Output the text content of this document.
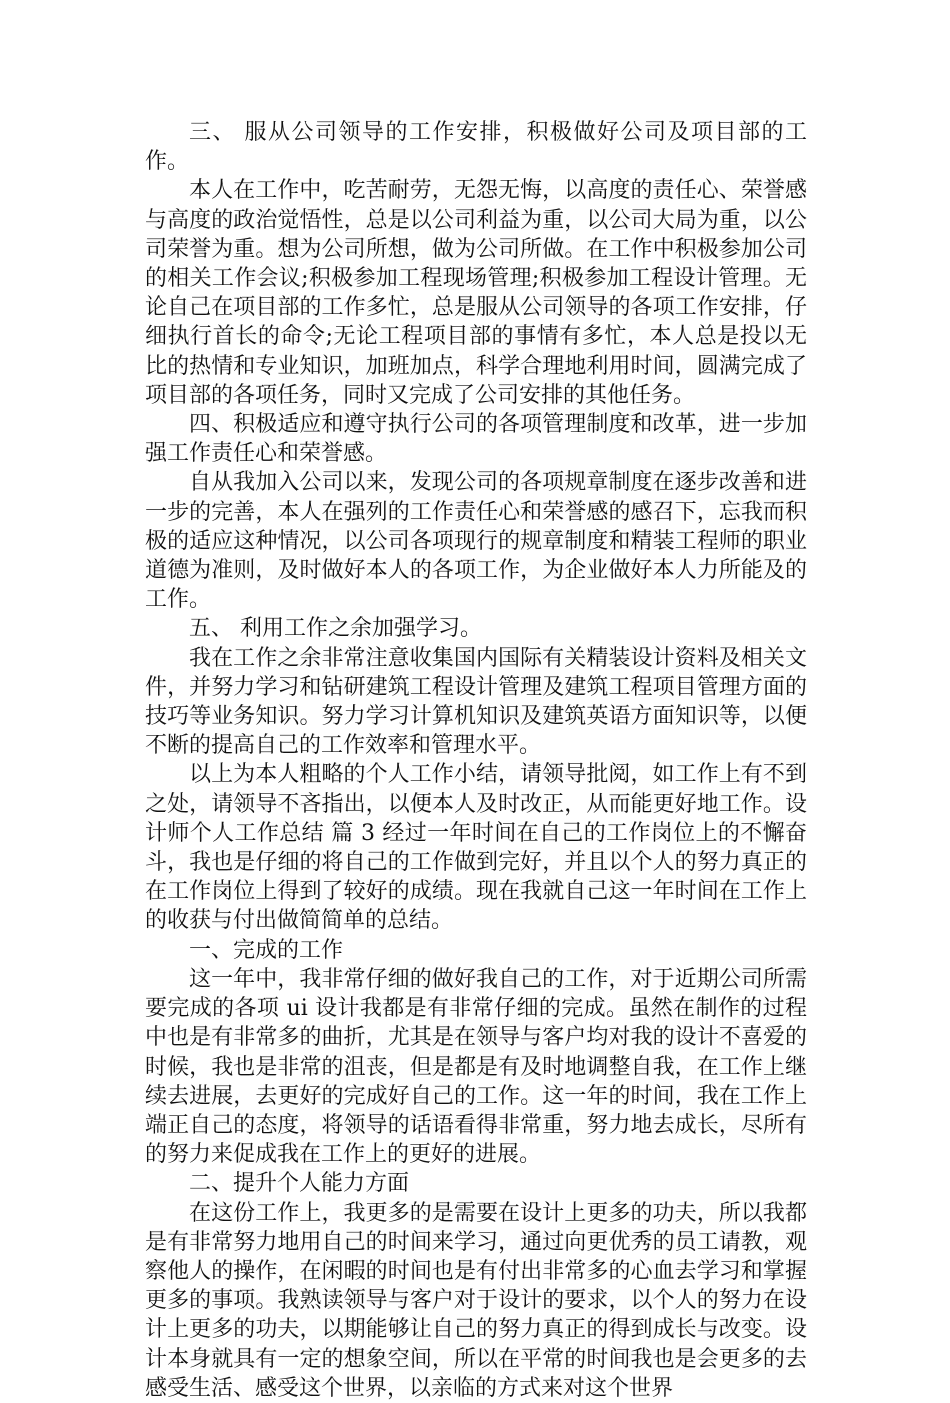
三、 服从公司领导的工作安排，积极做好公司及项目部的工作。

本人在工作中，吃苦耐劳，无怨无悔，以高度的责任心、荣誉感与高度的政治觉悟性，总是以公司利益为重，以公司大局为重，以公司荣誉为重。想为公司所想，做为公司所做。在工作中积极参加公司的相关工作会议;积极参加工程现场管理;积极参加工程设计管理。无论自己在项目部的工作多忙，总是服从公司领导的各项工作安排，仔细执行首长的命令;无论工程项目部的事情有多忙，本人总是投以无比的热情和专业知识，加班加点，科学合理地利用时间，圆满完成了项目部的各项任务，同时又完成了公司安排的其他任务。

四、积极适应和遵守执行公司的各项管理制度和改革，进一步加强工作责任心和荣誉感。

自从我加入公司以来，发现公司的各项规章制度在逐步改善和进一步的完善，本人在强列的工作责任心和荣誉感的感召下，忘我而积极的适应这种情况，以公司各项现行的规章制度和精装工程师的职业道德为准则，及时做好本人的各项工作，为企业做好本人力所能及的工作。

五、 利用工作之余加强学习。

我在工作之余非常注意收集国内国际有关精装设计资料及相关文件，并努力学习和钻研建筑工程设计管理及建筑工程项目管理方面的技巧等业务知识。努力学习计算机知识及建筑英语方面知识等，以便不断的提高自己的工作效率和管理水平。

以上为本人粗略的个人工作小结，请领导批阅，如工作上有不到之处，请领导不吝指出，以便本人及时改正，从而能更好地工作。设计师个人工作总结 篇 3 经过一年时间在自己的工作岗位上的不懈奋斗，我也是仔细的将自己的工作做到完好，并且以个人的努力真正的在工作岗位上得到了较好的成绩。现在我就自己这一年时间在工作上的收获与付出做简简单的总结。

一、完成的工作

这一年中，我非常仔细的做好我自己的工作，对于近期公司所需要完成的各项 ui 设计我都是有非常仔细的完成。虽然在制作的过程中也是有非常多的曲折，尤其是在领导与客户均对我的设计不喜爱的时候，我也是非常的沮丧，但是都是有及时地调整自我，在工作上继续去进展，去更好的完成好自己的工作。这一年的时间，我在工作上端正自己的态度，将领导的话语看得非常重，努力地去成长，尽所有的努力来促成我在工作上的更好的进展。

二、提升个人能力方面

在这份工作上，我更多的是需要在设计上更多的功夫，所以我都是有非常努力地用自己的时间来学习，通过向更优秀的员工请教，观察他人的操作，在闲暇的时间也是有付出非常多的心血去学习和掌握更多的事项。我熟读领导与客户对于设计的要求，以个人的努力在设计上更多的功夫，以期能够让自己的努力真正的得到成长与改变。设计本身就具有一定的想象空间，所以在平常的时间我也是会更多的去感受生活、感受这个世界，以亲临的方式来对这个世界
